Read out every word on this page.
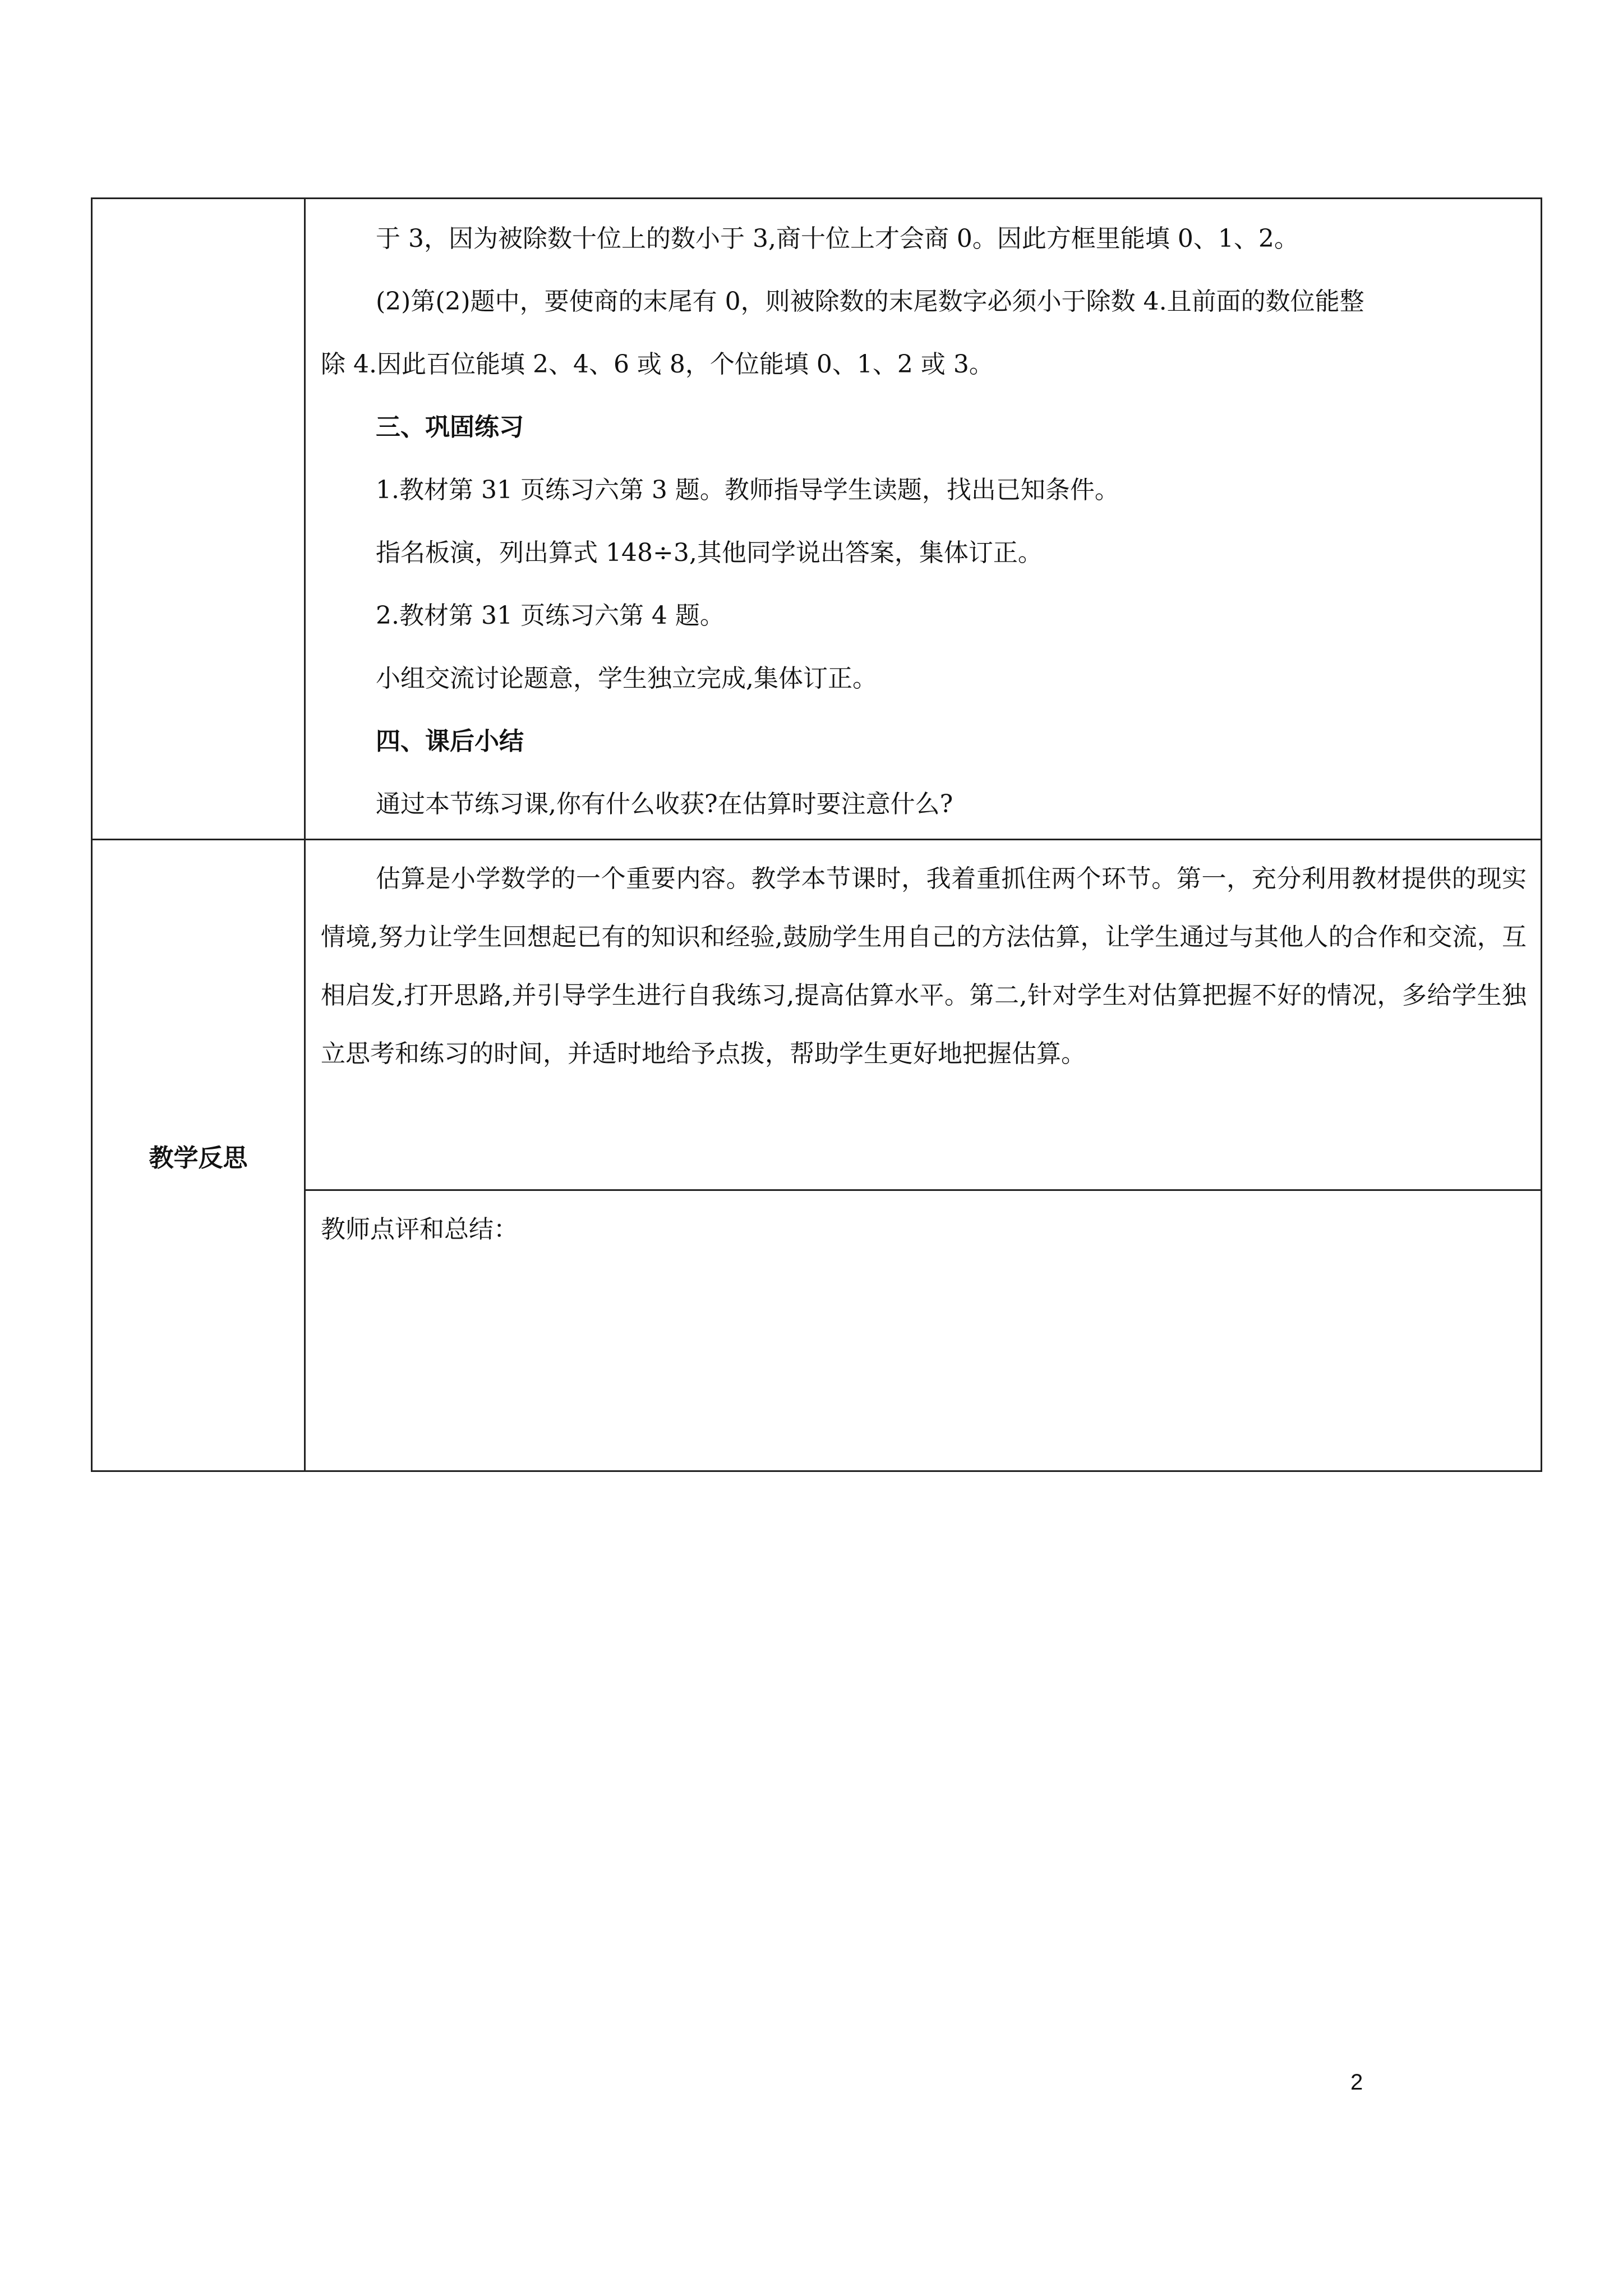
于 3，因为被除数十位上的数小于 3,商十位上才会商 0。因此方框里能填 0、1、2。

(2)第(2)题中，要使商的末尾有 0，则被除数的末尾数字必须小于除数 4.且前面的数位能整

除 4.因此百位能填 2、4、6 或 8，个位能填 0、1、2 或 3。

三、巩固练习

1.教材第 31 页练习六第 3 题。教师指导学生读题，找出已知条件。

指名板演，列出算式 148÷3,其他同学说出答案，集体订正。

2.教材第 31 页练习六第 4 题。

小组交流讨论题意，学生独立完成,集体订正。

四、课后小结

通过本节练习课,你有什么收获?在估算时要注意什么?

教学反思

估算是小学数学的一个重要内容。教学本节课时，我着重抓住两个环节。第一，充分利用教材提供的现实情境,努力让学生回想起已有的知识和经验,鼓励学生用自己的方法估算，让学生通过与其他人的合作和交流，互相启发,打开思路,并引导学生进行自我练习,提高估算水平。第二,针对学生对估算把握不好的情况，多给学生独立思考和练习的时间，并适时地给予点拨，帮助学生更好地把握估算。

教师点评和总结：

2
